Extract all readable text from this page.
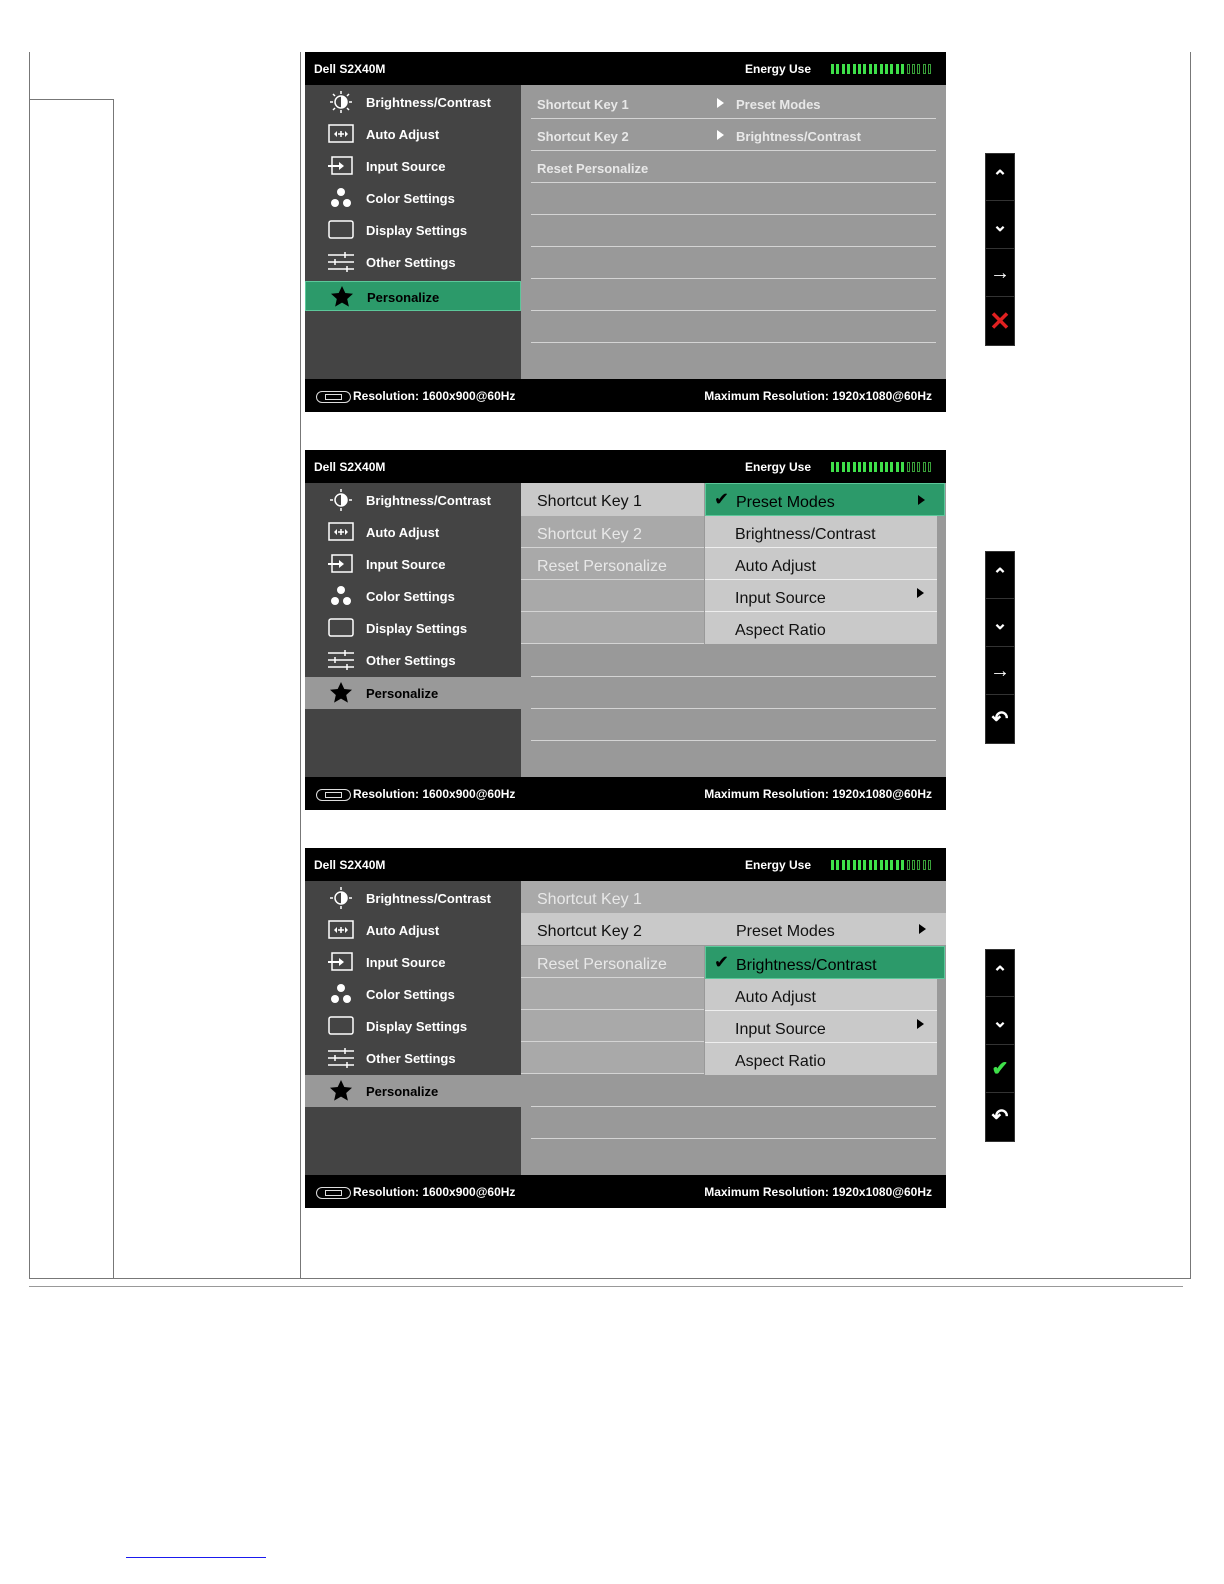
Dell S2X40M	Energy Use
Brightness/Contrast
Auto Adjust
Input Source
Color Settings
Display Settings
Other Settings
Personalize
Shortcut Key 1	Preset Modes
Shortcut Key 2	Brightness/Contrast
Reset Personalize
Resolution: 1600x900@60Hz	Maximum Resolution: 1920x1080@60Hz
⌃
⌄
→
✕
Dell S2X40M	Energy Use
Brightness/Contrast
Auto Adjust
Input Source
Color Settings
Display Settings
Other Settings
Personalize
Shortcut Key 1
Shortcut Key 2
Reset Personalize
✔ Preset Modes
Brightness/Contrast
Auto Adjust
Input Source
Aspect Ratio
Resolution: 1600x900@60Hz	Maximum Resolution: 1920x1080@60Hz
⌃
⌄
→
↶
Dell S2X40M	Energy Use
Brightness/Contrast
Auto Adjust
Input Source
Color Settings
Display Settings
Other Settings
Personalize
Shortcut Key 1
Shortcut Key 2	Preset Modes
Reset Personalize	✔ Brightness/Contrast
Auto Adjust
Input Source
Aspect Ratio
Resolution: 1600x900@60Hz	Maximum Resolution: 1920x1080@60Hz
⌃
⌄
✔
↶
